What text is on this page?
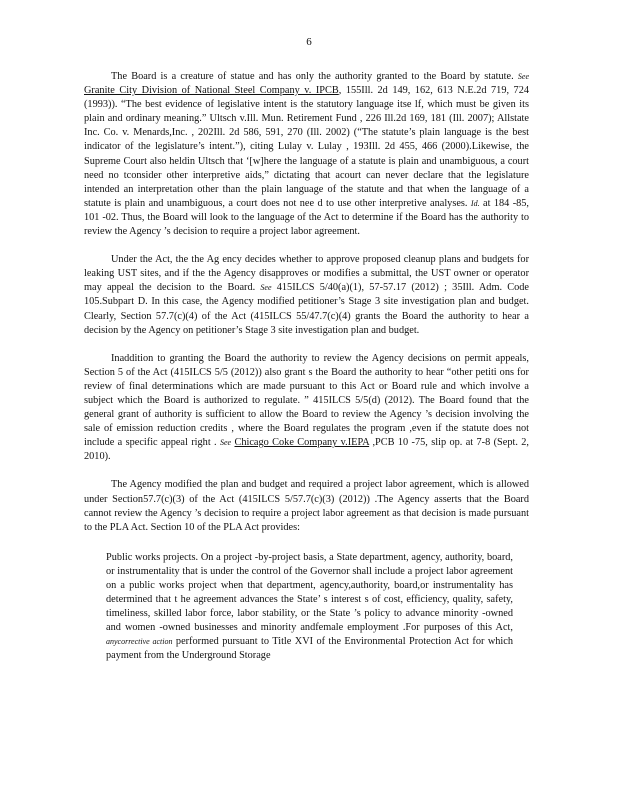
6

The Board is a creature of statue and has only the authority granted to the Board by statute. See Granite City Division of National Steel Company v. IPCB, 155Ill. 2d 149, 162, 613 N.E.2d 719, 724 (1993)). “The best evidence of legislative intent is the statutory language itse lf, which must be given its plain and ordinary meaning.” Ultsch v.Ill. Mun. Retirement Fund , 226 Ill.2d 169, 181 (Ill. 2007); Allstate Inc. Co. v. Menards,Inc. , 202Ill. 2d 586, 591, 270 (Ill. 2002) (“The statute’s plain language is the best indicator of the legislature’s intent.”), citing Lulay v. Lulay , 193Ill. 2d 455, 466 (2000).Likewise, the Supreme Court also heldin Ultsch that ‘[w]here the language of a statute is plain and unambiguous, a court need no tconsider other interpretive aids,” dictating that acourt can never declare that the legislature intended an interpretation other than the plain language of the statute and that when the language of a statute is plain and unambiguous, a court does not nee d to use other interpretive analyses. Id. at 184 -85, 101 -02. Thus, the Board will look to the language of the Act to determine if the Board has the authority to review the Agency ’s decision to require a project labor agreement.

Under the Act, the the Ag ency decides whether to approve proposed cleanup plans and budgets for leaking UST sites, and if the the Agency disapproves or modifies a submittal, the UST owner or operator may appeal the decision to the Board. See 415ILCS 5/40(a)(1), 57-57.17 (2012) ; 35Ill. Adm. Code 105.Subpart D. In this case, the Agency modified petitioner’s Stage 3 site investigation plan and budget. Clearly, Section 57.7(c)(4) of the Act (415ILCS 55/47.7(c)(4) grants the Board the authority to hear a decision by the Agency on petitioner’s Stage 3 site investigation plan and budget.

Inaddition to granting the Board the authority to review the Agency decisions on permit appeals, Section 5 of the Act (415ILCS 5/5 (2012)) also grant s the Board the authority to hear “other petiti ons for review of final determinations which are made pursuant to this Act or Board rule and which involve a subject which the Board is authorized to regulate. ” 415ILCS 5/5(d) (2012). The Board found that the general grant of authority is sufficient to allow the Board to review the Agency ’s decision involving the sale of emission reduction credits , where the Board regulates the program ,even if the statute does not include a specific appeal right . See Chicago Coke Company v.IEPA ,PCB 10 -75, slip op. at 7-8 (Sept. 2, 2010).

The Agency modified the plan and budget and required a project labor agreement, which is allowed under Section57.7(c)(3) of the Act (415ILCS 5/57.7(c)(3) (2012)) .The Agency asserts that the Board cannot review the Agency ’s decision to require a project labor agreement as that decision is made pursuant to the PLA Act. Section 10 of the PLA Act provides:

Public works projects. On a project -by-project basis, a State department, agency, authority, board, or instrumentality that is under the control of the Governor shall include a project labor agreement on a public works project when that department, agency,authority, board,or instrumentality has determined that t he agreement advances the State’ s interest s of cost, efficiency, quality, safety, timeliness, skilled labor force, labor stability, or the State ’s policy to advance minority -owned and women -owned businesses and minority andfemale employment .For purposes of this Act, anycorrective action performed pursuant to Title XVI of the Environmental Protection Act for which payment from the Underground Storage
